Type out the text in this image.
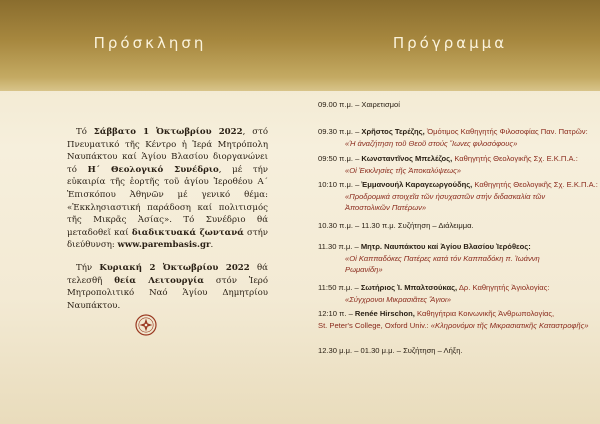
Πρόσκληση

Τό Σάββατο 1 Ὀκτωβρίου 2022, στό Πνευματικό τῆς Κέντρο ἡ Ἱερά Μητρόπολη Ναυπάκτου καί Ἁγίου Βλασίου διοργανώνει τό Η΄ Θεολογικό Συνέδριο, μέ τήν εὐκαιρία τῆς ἑορτῆς τοῦ ἁγίου Ἱεροθέου Α΄ Ἐπισκόπου Ἀθηνῶν μέ γενικό θέμα: «Ἐκκλησιαστική παράδοση καί πολιτισμός τῆς Μικρᾶς Ἀσίας». Τό Συνέδριο θά μεταδοθεῖ καί διαδικτυακά ζωντανά στήν διεύθυνση: www.parembasis.gr.

Τήν Κυριακή 2 Ὀκτωβρίου 2022 θά τελεσθῆ θεία Λειτουργία στόν Ἱερό Μητροπολιτικό Ναό Ἁγίου Δημητρίου Ναυπάκτου.

Πρόγραμμα
09.00 π.μ. – Χαιρετισμοί
09.30 π.μ. – Χρῆστος Τερέζης, Ὁμότιμος Καθηγητής Φιλοσοφίας Παν. Πατρῶν:
«Ἡ ἀναζήτηση τοῦ Θεοῦ στούς Ἴωνες φιλοσόφους»
09:50 π.μ. – Κωνσταντῖνος Μπελέζος, Καθηγητής Θεολογικῆς Σχ. Ε.Κ.Π.Α.:
«Οἱ Ἐκκλησίες τῆς Ἀποκαλύψεως»
10:10 π.μ. – Ἐμμανουήλ Καραγεωργούδης, Καθηγητής Θεολογικῆς Σχ. Ε.Κ.Π.Α.:
«Προδρομικά στοιχεῖα τῶν ἡσυχαστῶν στήν διδασκαλία τῶν Ἀποστολικῶν Πατέρων»
10.30 π.μ. – 11.30 π.μ. Συζήτηση – Διάλειμμα.
11.30 π.μ. – Μητρ. Ναυπάκτου καί Ἁγίου Βλασίου Ἱερόθεος:
«Οἱ Καππαδόκες Πατέρες κατά τόν Καππαδόκη π. Ἰωάννη Ρωμανίδη»
11:50 π.μ. – Σωτήριος Ἰ. Μπαλτσούκας, Δρ. Καθηγητής Ἁγιολογίας:
«Σύγχρονοι Μικρασιᾶτες Ἅγιοι»
12:10 π. – Renée Hirschon, Καθηγήτρια Κοινωνικῆς Ἀνθρωπολογίας,
St. Peter's College, Oxford Univ.: «Κληρονόμοι τῆς Μικρασιατικῆς Καταστροφῆς»
12.30 μ.μ. – 01.30 μ.μ. – Συζήτηση – Λήξη.
